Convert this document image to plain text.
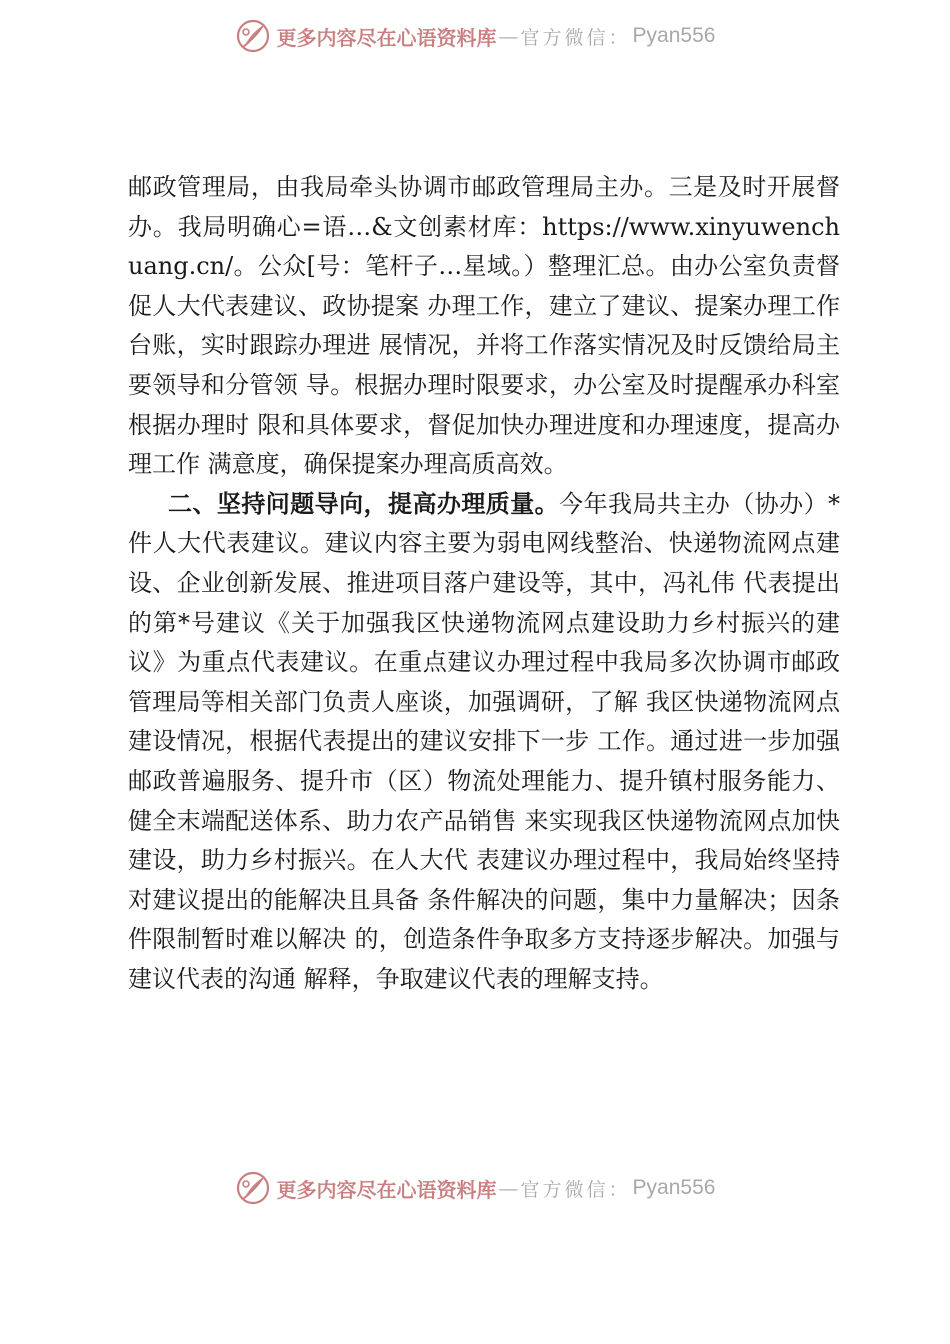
更多内容尽在心语资料库 — 官方微信： Pyan556

邮政管理局，由我局牵头协调市邮政管理局主办。三是及时开展督办。我局明确心=语…&文创素材库：https://www.xinyuwenchuang.cn/。公众[号：笔杆子…星域。）整理汇总。由办公室负责督促人大代表建议、政协提案 办理工作，建立了建议、提案办理工作台账，实时跟踪办理进 展情况，并将工作落实情况及时反馈给局主要领导和分管领 导。根据办理时限要求，办公室及时提醒承办科室根据办理时 限和具体要求，督促加快办理进度和办理速度，提高办理工作 满意度，确保提案办理高质高效。

二、坚持问题导向，提高办理质量。今年我局共主办（协办）*件人大代表建议。建议内容主要为弱电网线整治、快递物流网点建设、企业创新发展、推进项目落户建设等，其中，冯礼伟 代表提出的第*号建议《关于加强我区快递物流网点建设助力乡村振兴的建议》为重点代表建议。在重点建议办理过程中我局多次协调市邮政管理局等相关部门负责人座谈，加强调研，了解 我区快递物流网点建设情况，根据代表提出的建议安排下一步 工作。通过进一步加强邮政普遍服务、提升市（区）物流处理能力、提升镇村服务能力、健全末端配送体系、助力农产品销售 来实现我区快递物流网点加快建设，助力乡村振兴。在人大代 表建议办理过程中，我局始终坚持对建议提出的能解决且具备 条件解决的问题，集中力量解决；因条件限制暂时难以解决 的，创造条件争取多方支持逐步解决。加强与建议代表的沟通 解释，争取建议代表的理解支持。

更多内容尽在心语资料库 — 官方微信： Pyan556
